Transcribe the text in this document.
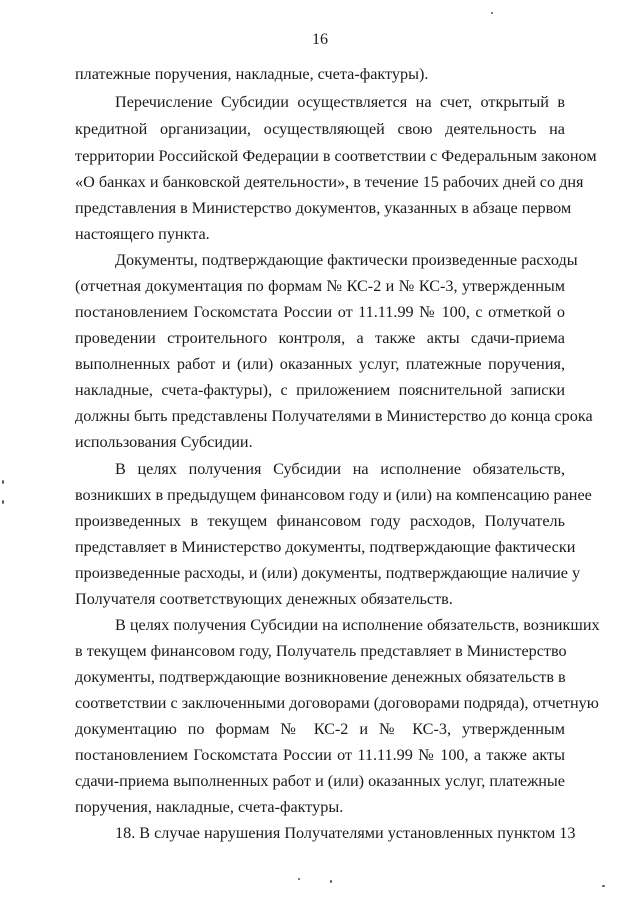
16
платежные поручения, накладные, счета-фактуры).
Перечисление Субсидии осуществляется на счет, открытый в
кредитной организации, осуществляющей свою деятельность на
территории Российской Федерации в соответствии с Федеральным законом
«О банках и банковской деятельности», в течение 15 рабочих дней со дня
представления в Министерство документов, указанных в абзаце первом
настоящего пункта.
Документы, подтверждающие фактически произведенные расходы
(отчетная документация по формам № КС-2 и № КС-3, утвержденным
постановлением Госкомстата России от 11.11.99 № 100, с отметкой о
проведении строительного контроля, а также акты сдачи-приема
выполненных работ и (или) оказанных услуг, платежные поручения,
накладные, счета-фактуры), с приложением пояснительной записки
должны быть представлены Получателями в Министерство до конца срока
использования Субсидии.
В целях получения Субсидии на исполнение обязательств,
возникших в предыдущем финансовом году и (или) на компенсацию ранее
произведенных в текущем финансовом году расходов, Получатель
представляет в Министерство документы, подтверждающие фактически
произведенные расходы, и (или) документы, подтверждающие наличие у
Получателя соответствующих денежных обязательств.
В целях получения Субсидии на исполнение обязательств, возникших
в текущем финансовом году, Получатель представляет в Министерство
документы, подтверждающие возникновение денежных обязательств в
соответствии с заключенными договорами (договорами подряда), отчетную
документацию по формам № КС-2 и № КС-3, утвержденным
постановлением Госкомстата России от 11.11.99 № 100, а также акты
сдачи-приема выполненных работ и (или) оказанных услуг, платежные
поручения, накладные, счета-фактуры.
18. В случае нарушения Получателями установленных пунктом 13
